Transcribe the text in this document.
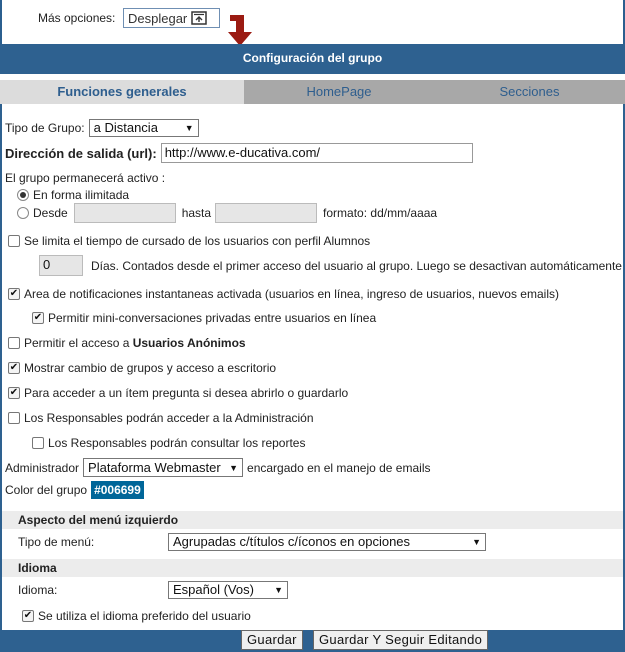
Más opciones: Desplegar
Configuración del grupo
Funciones generales	HomePage	Secciones
Tipo de Grupo: a Distancia	▼
Dirección de salida (url): http://www.e-ducativa.com/
El grupo permanecerá activo :
En forma ilimitada
Desde	hasta	formato: dd/mm/aaaa
Se limita el tiempo de cursado de los usuarios con perfil Alumnos
0	Días. Contados desde el primer acceso del usuario al grupo. Luego se desactivan automáticamente
✔ Area de notificaciones instantaneas activada (usuarios en línea, ingreso de usuarios, nuevos emails)
✔ Permitir mini-conversaciones privadas entre usuarios en línea
Permitir el acceso a Usuarios Anónimos
✔ Mostrar cambio de grupos y acceso a escritorio
✔ Para acceder a un ítem pregunta si desea abrirlo o guardarlo
Los Responsables podrán acceder a la Administración
Los Responsables podrán consultar los reportes
Administrador Plataforma Webmaster ▼ encargado en el manejo de emails
Color del grupo #006699
Aspecto del menú izquierdo
Tipo de menú:	Agrupadas c/títulos c/íconos en opciones	▼
Idioma
Idioma:	Español (Vos) ▼
✔ Se utiliza el idioma preferido del usuario
Guardar	Guardar Y Seguir Editando
